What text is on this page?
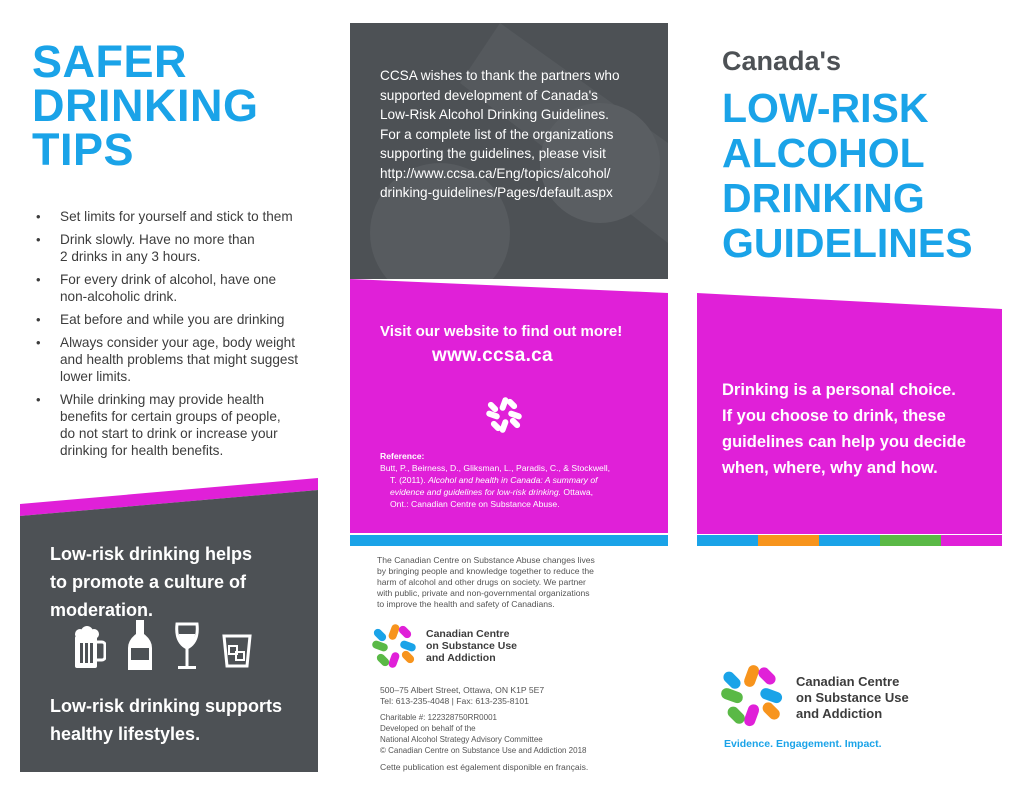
SAFER
DRINKING
TIPS
• Set limits for yourself and stick to them
• Drink slowly. Have no more than
2 drinks in any 3 hours.
• For every drink of alcohol, have one
non-alcoholic drink.
• Eat before and while you are drinking
• Always consider your age, body weight
and health problems that might suggest
lower limits.
• While drinking may provide health
benefits for certain groups of people,
do not start to drink or increase your
drinking for health benefits.
Low-risk drinking helps
to promote a culture of
moderation.
Low-risk drinking supports
healthy lifestyles.
CCSA wishes to thank the partners who
supported development of Canada's
Low-Risk Alcohol Drinking Guidelines.
For a complete list of the organizations
supporting the guidelines, please visit
http://www.ccsa.ca/Eng/topics/alcohol/
drinking-guidelines/Pages/default.aspx
Visit our website to find out more!
www.ccsa.ca
Reference:
Butt, P., Beirness, D., Gliksman, L., Paradis, C., & Stockwell,
T. (2011). Alcohol and health in Canada: A summary of
evidence and guidelines for low-risk drinking. Ottawa,
Ont.: Canadian Centre on Substance Abuse.
The Canadian Centre on Substance Abuse changes lives
by bringing people and knowledge together to reduce the
harm of alcohol and other drugs on society. We partner
with public, private and non-governmental organizations
to improve the health and safety of Canadians.
Canadian Centre
on Substance Use
and Addiction
500–75 Albert Street, Ottawa, ON K1P 5E7
Tel: 613-235-4048 | Fax: 613-235-8101
Charitable #: 122328750RR0001
Developed on behalf of the
National Alcohol Strategy Advisory Committee
© Canadian Centre on Substance Use and Addiction 2018
Cette publication est également disponible en français.
Canada's
LOW-RISK
ALCOHOL
DRINKING
GUIDELINES
Drinking is a personal choice.
If you choose to drink, these
guidelines can help you decide
when, where, why and how.
Canadian Centre
on Substance Use
and Addiction
Evidence. Engagement. Impact.
